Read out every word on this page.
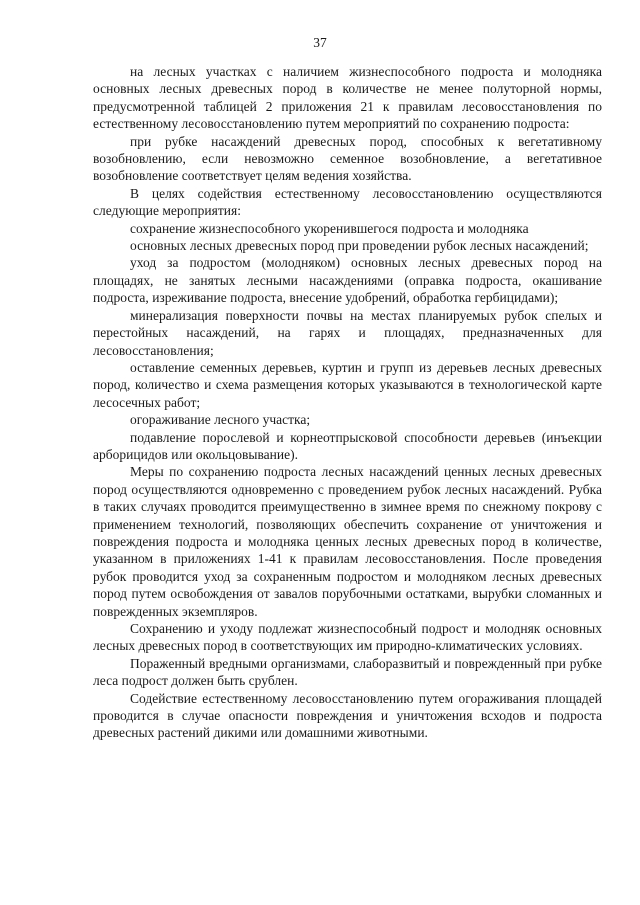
37

на лесных участках с наличием жизнеспособного подроста и молодняка основных лесных древесных пород в количестве не менее полуторной нормы, предусмотренной таблицей 2 приложения 21 к правилам лесовосстановления по естественному лесовосстановлению путем мероприятий по сохранению подроста:

при рубке насаждений древесных пород, способных к вегетативному возобновлению, если невозможно семенное возобновление, а вегетативное возобновление соответствует целям ведения хозяйства.

В целях содействия естественному лесовосстановлению осуществляются следующие мероприятия:

сохранение жизнеспособного укоренившегося подроста и молодняка

основных лесных древесных пород при проведении рубок лесных насаждений;

уход за подростом (молодняком) основных лесных древесных пород на площадях, не занятых лесными насаждениями (оправка подроста, окашивание подроста, изреживание подроста, внесение удобрений, обработка гербицидами);

минерализация поверхности почвы на местах планируемых рубок спелых и перестойных насаждений, на гарях и площадях, предназначенных для лесовосстановления;

оставление семенных деревьев, куртин и групп из деревьев лесных древесных пород, количество и схема размещения которых указываются в технологической карте лесосечных работ;

огораживание лесного участка;

подавление порослевой и корнеотпрысковой способности деревьев (инъекции арборицидов или окольцовывание).

Меры по сохранению подроста лесных насаждений ценных лесных древесных пород осуществляются одновременно с проведением рубок лесных насаждений. Рубка в таких случаях проводится преимущественно в зимнее время по снежному покрову с применением технологий, позволяющих обеспечить сохранение от уничтожения и повреждения подроста и молодняка ценных лесных древесных пород в количестве, указанном в приложениях 1-41 к правилам лесовосстановления. После проведения рубок проводится уход за сохраненным подростом и молодняком лесных древесных пород путем освобождения от завалов порубочными остатками, вырубки сломанных и поврежденных экземпляров.

Сохранению и уходу подлежат жизнеспособный подрост и молодняк основных лесных древесных пород в соответствующих им природно-климатических условиях.

Пораженный вредными организмами, слаборазвитый и поврежденный при рубке леса подрост должен быть срублен.

Содействие естественному лесовосстановлению путем огораживания площадей проводится в случае опасности повреждения и уничтожения всходов и подроста древесных растений дикими или домашними животными.
